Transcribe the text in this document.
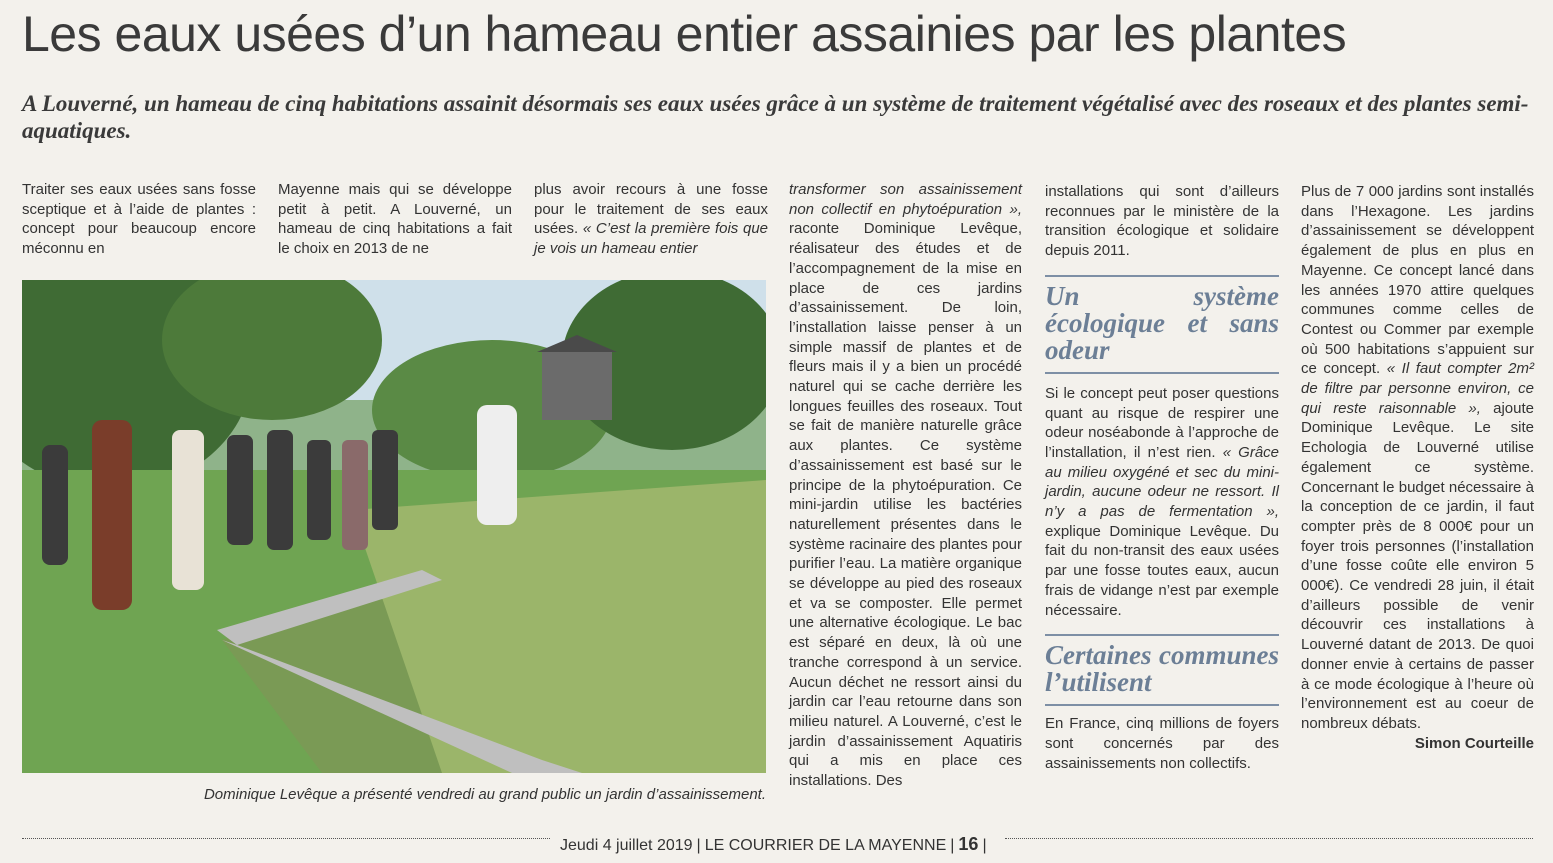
Les eaux usées d’un hameau entier assainies par les plantes

A Louverné, un hameau de cinq habitations assainit désormais ses eaux usées grâce à un système de traitement végétalisé avec des roseaux et des plantes semi-aquatiques.

Traiter ses eaux usées sans fosse sceptique et à l’aide de plantes : concept pour beaucoup encore méconnu en

Mayenne mais qui se développe petit à petit. A Louverné, un hameau de cinq habitations a fait le choix en 2013 de ne

plus avoir recours à une fosse pour le traitement de ses eaux usées. « C’est la première fois que je vois un hameau entier

Dominique Levêque a présenté vendredi au grand public un jardin d’assainissement.

transformer son assainissement non collectif en phytoépuration », raconte Dominique Levêque, réalisateur des études et de l’accompagnement de la mise en place de ces jardins d’assainissement. De loin, l’installation laisse penser à un simple massif de plantes et de fleurs mais il y a bien un procédé naturel qui se cache derrière les longues feuilles des roseaux. Tout se fait de manière naturelle grâce aux plantes. Ce système d’assainissement est basé sur le principe de la phytoépuration. Ce mini-jardin utilise les bactéries naturellement présentes dans le système racinaire des plantes pour purifier l’eau. La matière organique se développe au pied des roseaux et va se composter. Elle permet une alternative écologique. Le bac est séparé en deux, là où une tranche correspond à un service. Aucun déchet ne ressort ainsi du jardin car l’eau retourne dans son milieu naturel. A Louverné, c’est le jardin d’assainissement Aquatiris qui a mis en place ces installations. Des

installations qui sont d’ailleurs reconnues par le ministère de la transition écologique et solidaire depuis 2011.

Un système écologique et sans odeur

Si le concept peut poser questions quant au risque de respirer une odeur noséabonde à l’approche de l’installation, il n’est rien. « Grâce au milieu oxygéné et sec du mini-jardin, aucune odeur ne ressort. Il n’y a pas de fermentation », explique Dominique Levêque. Du fait du non-transit des eaux usées par une fosse toutes eaux, aucun frais de vidange n’est par exemple nécessaire.

Certaines communes l’utilisent

En France, cinq millions de foyers sont concernés par des assainissements non collectifs.

Plus de 7 000 jardins sont installés dans l’Hexagone. Les jardins d’assainissement se développent également de plus en plus en Mayenne. Ce concept lancé dans les années 1970 attire quelques communes comme celles de Contest ou Commer par exemple où 500 habitations s’appuient sur ce concept. « Il faut compter 2m² de filtre par personne environ, ce qui reste raisonnable », ajoute Dominique Levêque. Le site Echologia de Louverné utilise également ce système. Concernant le budget nécessaire à la conception de ce jardin, il faut compter près de 8 000€ pour un foyer trois personnes (l’installation d’une fosse coûte elle environ 5 000€). Ce vendredi 28 juin, il était d’ailleurs possible de venir découvrir ces installations à Louverné datant de 2013. De quoi donner envie à certains de passer à ce mode écologique à l’heure où l’environnement est au coeur de nombreux débats.

Simon Courteille

Jeudi 4 juillet 2019 | LE COURRIER DE LA MAYENNE | 16 |
